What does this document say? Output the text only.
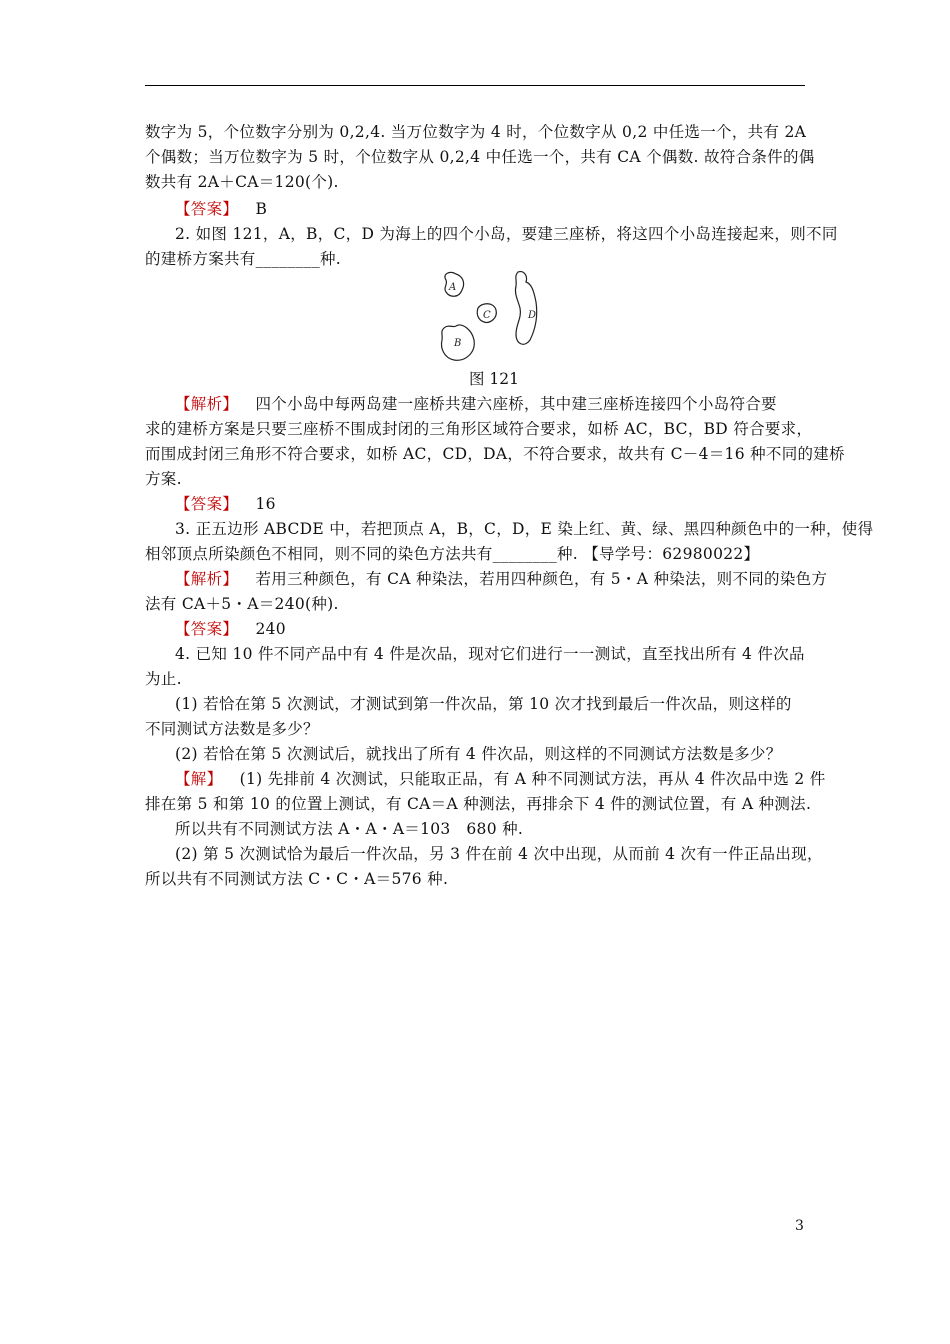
数字为 5，个位数字分别为 0,2,4. 当万位数字为 4 时，个位数字从 0,2 中任选一个，共有 2A
个偶数；当万位数字为 5 时，个位数字从 0,2,4 中任选一个，共有 CA 个偶数. 故符合条件的偶
数共有 2A＋CA＝120(个).
【答案】 B
2. 如图 121，A，B，C，D 为海上的四个小岛，要建三座桥，将这四个小岛连接起来，则不同
的建桥方案共有________种.
A
C	D
B
图 121
【解析】 四个小岛中每两岛建一座桥共建六座桥，其中建三座桥连接四个小岛符合要
求的建桥方案是只要三座桥不围成封闭的三角形区域符合要求，如桥 AC，BC，BD 符合要求，
而围成封闭三角形不符合要求，如桥 AC，CD，DA，不符合要求，故共有 C－4＝16 种不同的建桥
方案.
【答案】 16
3. 正五边形 ABCDE 中，若把顶点 A，B，C，D，E 染上红、黄、绿、黑四种颜色中的一种，使得
相邻顶点所染颜色不相同，则不同的染色方法共有________种. 【导学号：62980022】
【解析】 若用三种颜色，有 CA 种染法，若用四种颜色，有 5・A 种染法，则不同的染色方
法有 CA＋5・A＝240(种).
【答案】 240
4. 已知 10 件不同产品中有 4 件是次品，现对它们进行一一测试，直至找出所有 4 件次品
为止.
(1) 若恰在第 5 次测试，才测试到第一件次品，第 10 次才找到最后一件次品，则这样的
不同测试方法数是多少？
(2) 若恰在第 5 次测试后，就找出了所有 4 件次品，则这样的不同测试方法数是多少？
【解】 (1) 先排前 4 次测试，只能取正品，有 A 种不同测试方法，再从 4 件次品中选 2 件
排在第 5 和第 10 的位置上测试，有 CA＝A 种测法，再排余下 4 件的测试位置，有 A 种测法.
所以共有不同测试方法 A・A・A＝103　680 种.
(2) 第 5 次测试恰为最后一件次品，另 3 件在前 4 次中出现，从而前 4 次有一件正品出现，
所以共有不同测试方法 C・C・A＝576 种.
3
